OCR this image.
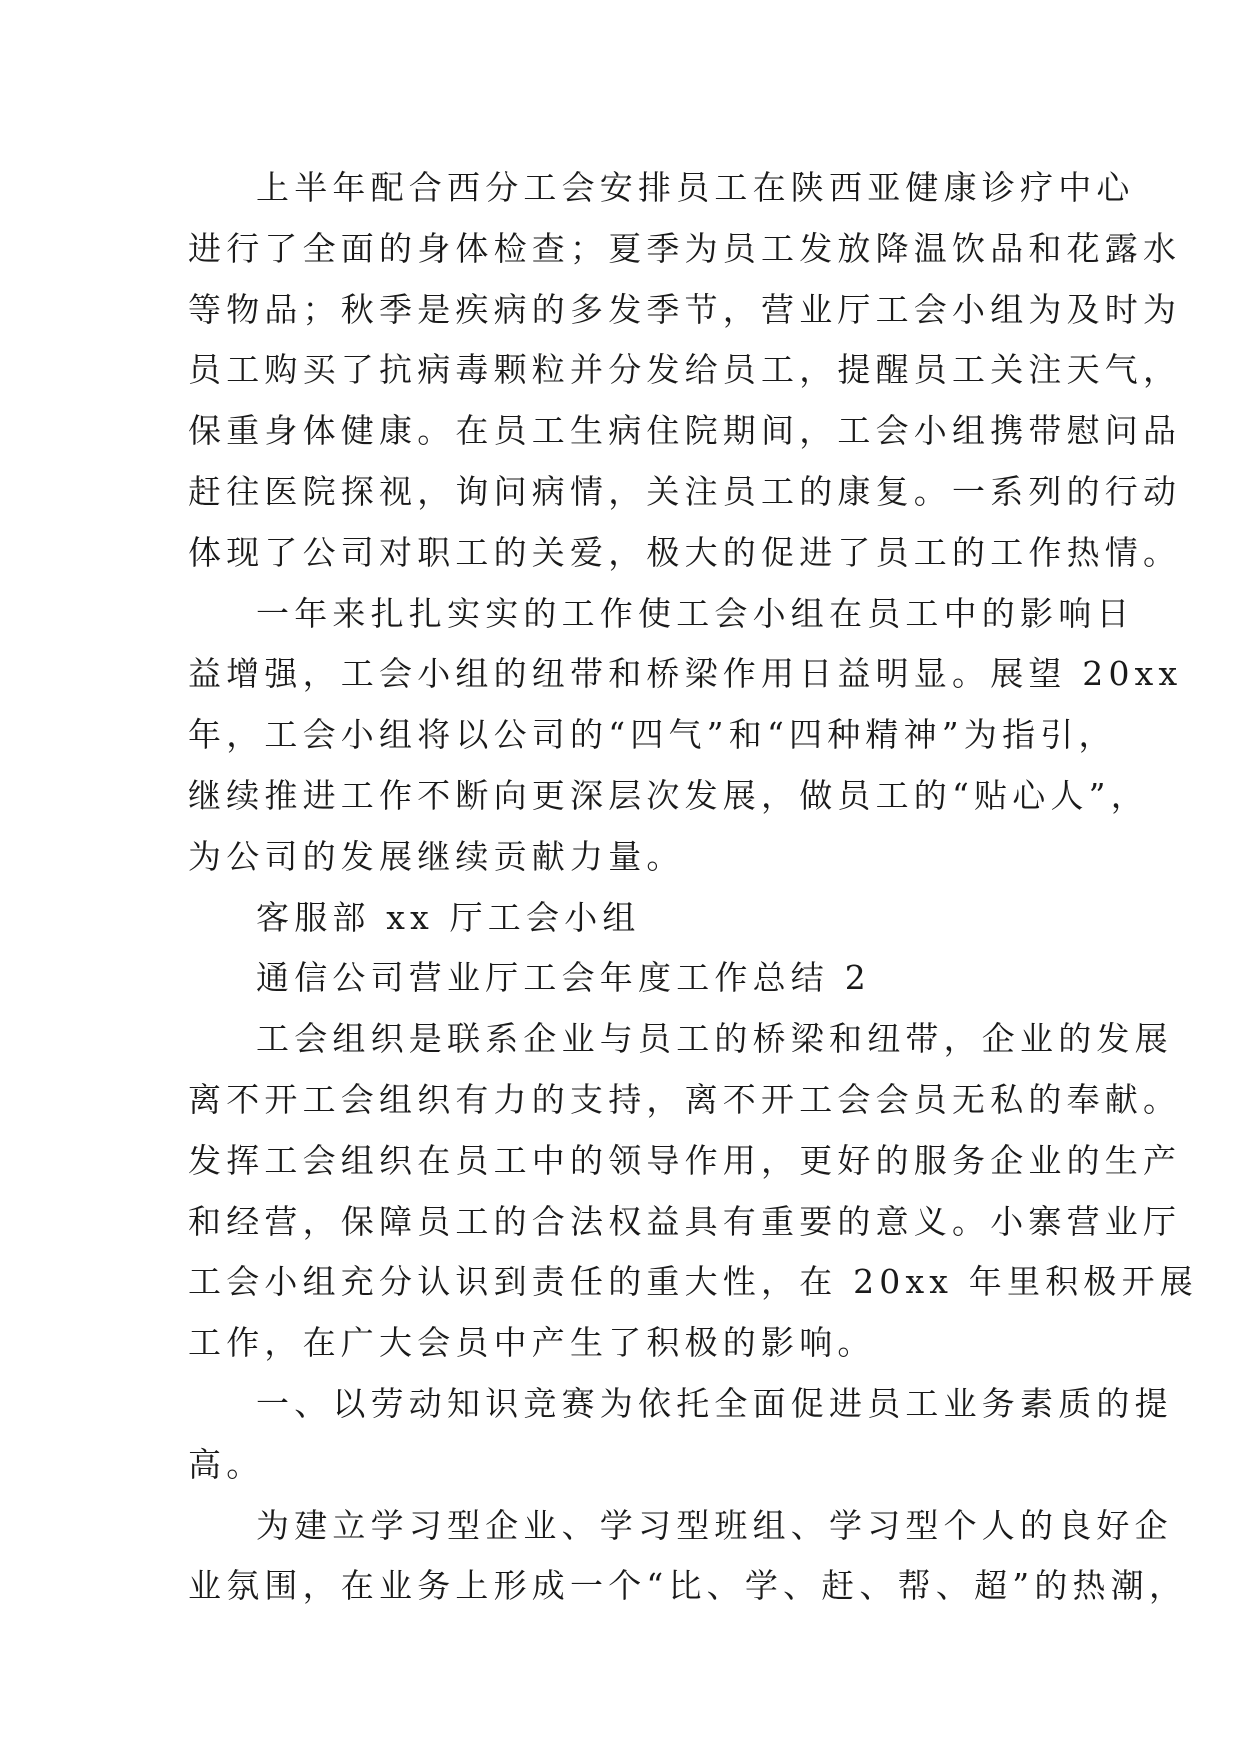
上半年配合西分工会安排员工在陕西亚健康诊疗中心
进行了全面的身体检查；夏季为员工发放降温饮品和花露水
等物品；秋季是疾病的多发季节，营业厅工会小组为及时为
员工购买了抗病毒颗粒并分发给员工，提醒员工关注天气，
保重身体健康。在员工生病住院期间，工会小组携带慰问品
赶往医院探视，询问病情，关注员工的康复。一系列的行动
体现了公司对职工的关爱，极大的促进了员工的工作热情。
一年来扎扎实实的工作使工会小组在员工中的影响日
益增强，工会小组的纽带和桥梁作用日益明显。展望 20xx
年，工会小组将以公司的“四气”和“四种精神”为指引，
继续推进工作不断向更深层次发展，做员工的“贴心人”，
为公司的发展继续贡献力量。
客服部 xx 厅工会小组
通信公司营业厅工会年度工作总结 2
工会组织是联系企业与员工的桥梁和纽带，企业的发展
离不开工会组织有力的支持，离不开工会会员无私的奉献。
发挥工会组织在员工中的领导作用，更好的服务企业的生产
和经营，保障员工的合法权益具有重要的意义。小寨营业厅
工会小组充分认识到责任的重大性，在 20xx 年里积极开展
工作，在广大会员中产生了积极的影响。
一、以劳动知识竞赛为依托全面促进员工业务素质的提
高。
为建立学习型企业、学习型班组、学习型个人的良好企
业氛围，在业务上形成一个“比、学、赶、帮、超”的热潮，
